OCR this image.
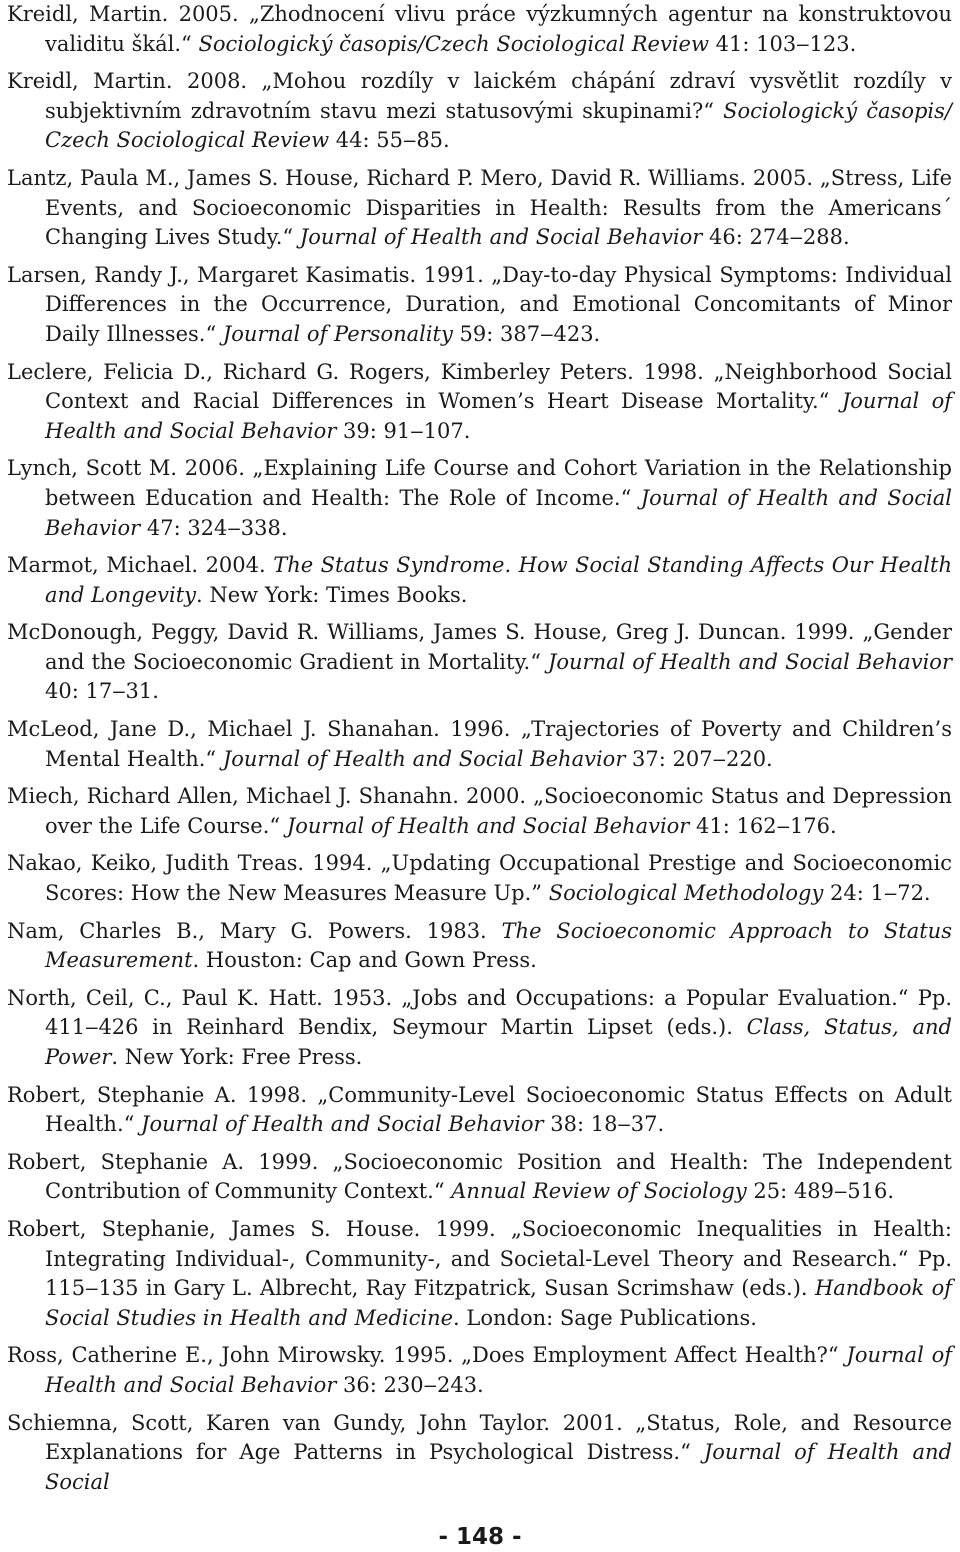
Kreidl, Martin. 2005. „Zhodnocení vlivu práce výzkumných agentur na konstruktovou validitu škál.“ Sociologický časopis/Czech Sociological Review 41: 103‒123.

Kreidl, Martin. 2008. „Mohou rozdíly v laickém chápání zdraví vysvětlit rozdíly v subjektivním zdravotním stavu mezi statusovými skupinami?“ Sociologický časopis/ Czech Sociological Review 44: 55‒85.

Lantz, Paula M., James S. House, Richard P. Mero, David R. Williams. 2005. „Stress, Life Events, and Socioeconomic Disparities in Health: Results from the Americans´ Changing Lives Study.“ Journal of Health and Social Behavior 46: 274‒288.

Larsen, Randy J., Margaret Kasimatis. 1991. „Day-to-day Physical Symptoms: Individual Differences in the Occurrence, Duration, and Emotional Concomitants of Minor Daily Illnesses.“ Journal of Personality 59: 387‒423.

Leclere, Felicia D., Richard G. Rogers, Kimberley Peters. 1998. „Neighborhood Social Context and Racial Differences in Women’s Heart Disease Mortality.“ Journal of Health and Social Behavior 39: 91‒107.

Lynch, Scott M. 2006. „Explaining Life Course and Cohort Variation in the Relationship between Education and Health: The Role of Income.“ Journal of Health and Social Behavior 47: 324‒338.

Marmot, Michael. 2004. The Status Syndrome. How Social Standing Affects Our Health and Longevity. New York: Times Books.

McDonough, Peggy, David R. Williams, James S. House, Greg J. Duncan. 1999. „Gender and the Socioeconomic Gradient in Mortality.“ Journal of Health and Social Behavior 40: 17‒31.

McLeod, Jane D., Michael J. Shanahan. 1996. „Trajectories of Poverty and Children’s Mental Health.“ Journal of Health and Social Behavior 37: 207‒220.

Miech, Richard Allen, Michael J. Shanahn. 2000. „Socioeconomic Status and Depression over the Life Course.“ Journal of Health and Social Behavior 41: 162‒176.

Nakao, Keiko, Judith Treas. 1994. „Updating Occupational Prestige and Socioeconomic Scores: How the New Measures Measure Up.” Sociological Methodology 24: 1‒72.

Nam, Charles B., Mary G. Powers. 1983. The Socioeconomic Approach to Status Measurement. Houston: Cap and Gown Press.

North, Ceil, C., Paul K. Hatt. 1953. „Jobs and Occupations: a Popular Evaluation.“ Pp. 411‒426 in Reinhard Bendix, Seymour Martin Lipset (eds.). Class, Status, and Power. New York: Free Press.

Robert, Stephanie A. 1998. „Community-Level Socioeconomic Status Effects on Adult Health.“ Journal of Health and Social Behavior 38: 18‒37.

Robert, Stephanie A. 1999. „Socioeconomic Position and Health: The Independent Contribution of Community Context.“ Annual Review of Sociology 25: 489‒516.

Robert, Stephanie, James S. House. 1999. „Socioeconomic Inequalities in Health: Integrating Individual-, Community-, and Societal-Level Theory and Research.“ Pp. 115‒135 in Gary L. Albrecht, Ray Fitzpatrick, Susan Scrimshaw (eds.). Handbook of Social Studies in Health and Medicine. London: Sage Publications.

Ross, Catherine E., John Mirowsky. 1995. „Does Employment Affect Health?“ Journal of Health and Social Behavior 36: 230‒243.

Schiemna, Scott, Karen van Gundy, John Taylor. 2001. „Status, Role, and Resource Explanations for Age Patterns in Psychological Distress.“ Journal of Health and Social

- 148 -
